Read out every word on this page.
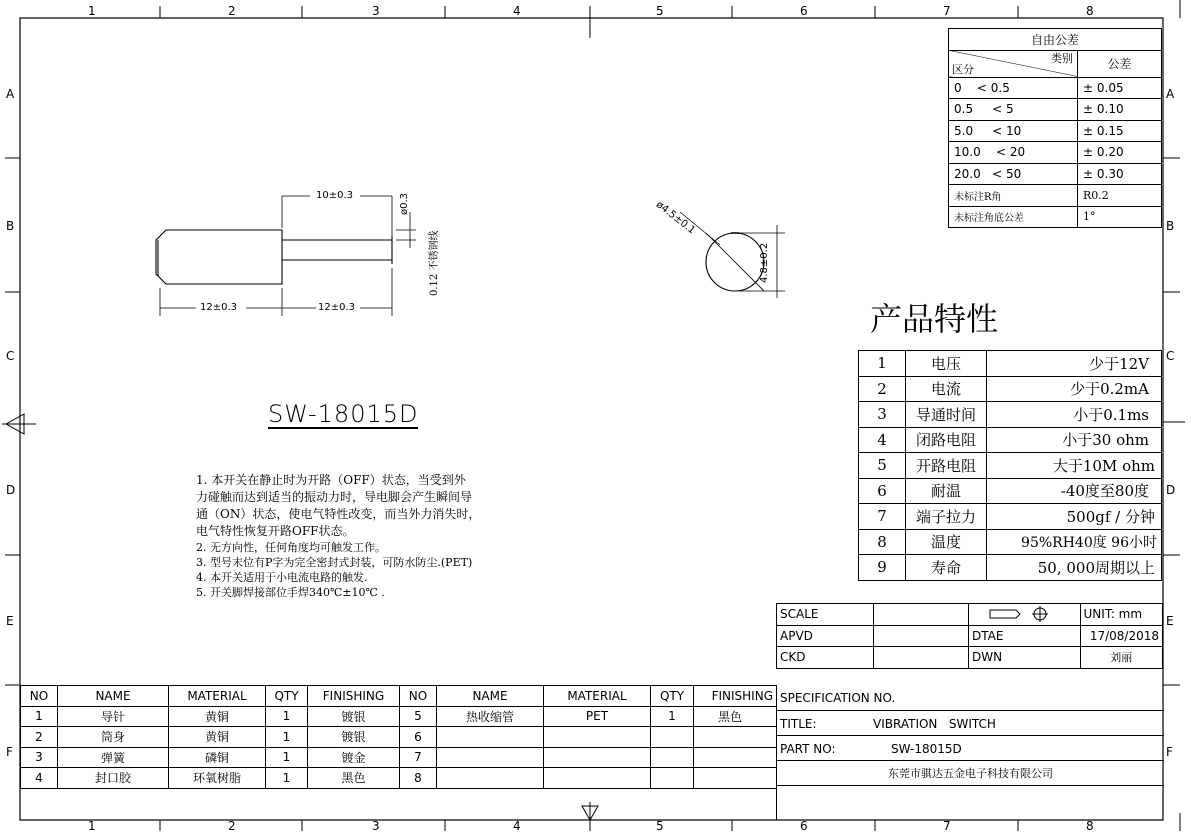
1	2	3	4	5	6	7	8
1	2	3	4	5	6	7	8
A
B
C
D
E
F
A
B
C
D
E
F
10±0.3	ø0.3
0.12 不锈钢线
12±0.3	12±0.3
ø4.5±0.1
4.8±0.2
SW-18015D
1. 本开关在静止时为开路（OFF）状态，当受到外
力碰触而达到适当的振动力时，导电脚会产生瞬间导
通（ON）状态，使电气特性改变，而当外力消失时，
电气特性恢复开路OFF状态。
2. 无方向性，任何角度均可触发工作。
3. 型号末位有P字为完全密封式封装，可防水防尘.(PET)
4. 本开关适用于小电流电路的触发.
5. 开关脚焊接部位手焊340℃±10℃ .
自由公差	

类别
区分	公差
0    < 0.5	± 0.05
0.5     < 5	± 0.10
5.0     < 10	± 0.15
10.0    < 20	± 0.20
20.0   < 50	± 0.30
未标注R角	R0.2
未标注角底公差	1°
产品特性
1	电压	少于12V
2	电流	少于0.2mA
3	导通时间	小于0.1ms
4	闭路电阻	小于30 ohm
5	开路电阻	大于10M ohm
6	耐温	-40度至80度
7	端子拉力	500gf / 分钟
8	温度	95%RH40度 96小时
9	寿命	50, 000周期以上
SCALE			UNIT: mm
APVD		DTAE	17/08/2018
CKD		DWN	刘丽
SPECIFICATION NO.
TITLE:	VIBRATION   SWITCH
PART NO:	SW-18015D
东莞市骐达五金电子科技有限公司
NO	NAME	MATERIAL	QTY	FINISHING	NO	NAME	MATERIAL	QTY	FINISHING
1	导针	黄铜	1	镀银	5	热收缩管	PET	1	黑色
2	筒身	黄铜	1	镀银	6				
3	弹簧	磷铜	1	镀金	7				
4	封口胶	环氧树脂	1	黑色	8				
